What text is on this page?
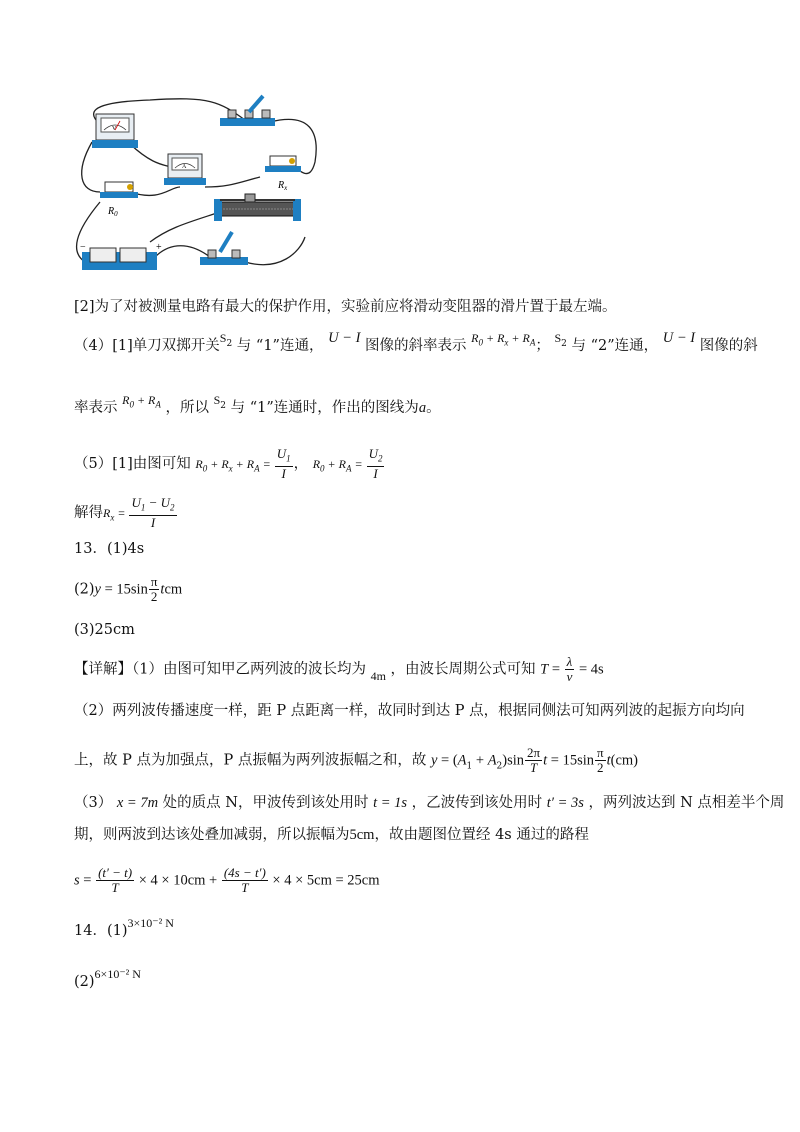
V
A
$R_0$
$R_x$
−	+
[2]为了对被测量电路有最大的保护作用，实验前应将滑动变阻器的滑片置于最左端。
（4）[1]单刀双掷开关$^S_2$ 与 “1”连通， U − I 图像的斜率表示 $^{R_0 + R_x + R_A}$； $^S_2$ 与 “2”连通， U − I 图像的斜
率表示 $^{R_0 + R_A}$ ，所以 $^S_2$ 与 “1”连通时，作出的图线为a。
（5）[1]由图可知 $R_0 + R_x + R_A = \frac{U_1}{I}$ ， $R_0 + R_A = \frac{U_2}{I}$
解得$R_x = \frac{U_1 - U_2}{I}$
13．(1)4s
$(2)y = 15\sin \frac{\pi}{2}$ tcm
(3)25cm
【详解】（1）由图可知甲乙两列波的波长均为 $_{4m}$ ，由波长周期公式可知 $T = \frac{\lambda}{v} = 4s$
（2）两列波传播速度一样，距 P 点距离一样，故同时到达 P 点，根据同侧法可知两列波的起振方向均向
上，故 P 点为加强点，P 点振幅为两列波振幅之和，故 $y = (A_1 + A_2)\sin \frac{2\pi}{T}$ $t = 15\sin \frac{\pi}{2} t(cm)$
（3） x = 7m 处的质点 N，甲波传到该处用时 t = 1s ，乙波传到该处用时 t′ = 3s ，两列波达到 N 点相差半个周
期，则两波到达该处叠加减弱，所以振幅为5cm，故由题图位置经 4s 通过的路程
$s = \frac{(t' - t)}{T} \times 4 \times 10cm + \frac{(4s - t')}{T} \times 4 \times 5cm = 25cm$
14．$(1)^{3\times 10^{-2} N}$
$(2)^{6\times 10^{-2} N}$
